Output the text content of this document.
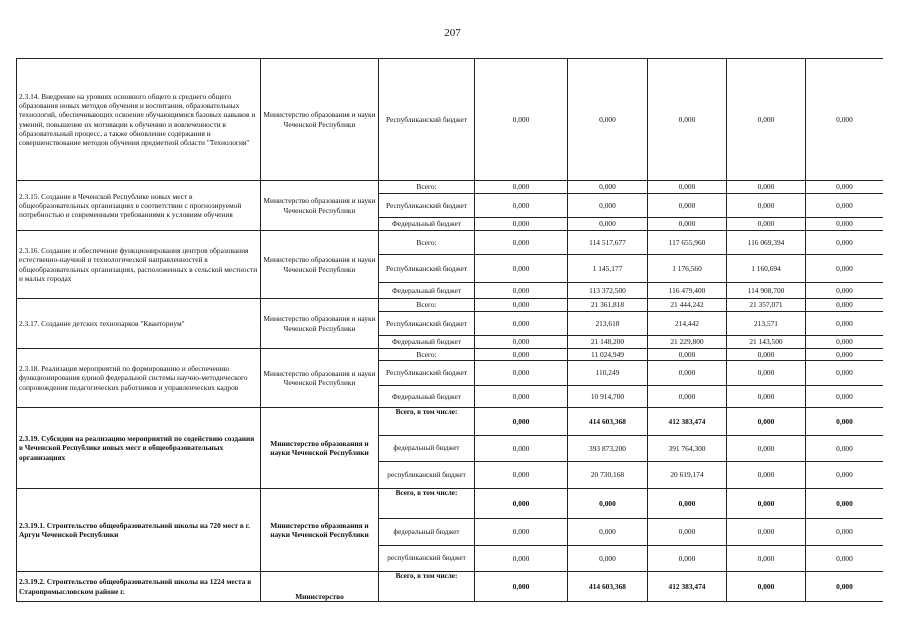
207
2.3.14. Внедрение на уровнях основного общего и среднего общего образования новых методов обучения и воспитания, образовательных технологий, обеспечивающих освоение обучающимися базовых навыков и умений, повышение их мотивации к обучению и вовлеченности в образовательный процесс, а также обновление содержания и совершенствование методов обучения предметной области "Технология"	Министерство образования и науки Чеченской Республики	Республиканский бюджет	0,000	0,000	0,000	0,000	0,000
2.3.15. Создание в Чеченской Республике новых мест в общеобразовательных организациях в соответствии с прогнозируемой потребностью и современными требованиями к условиям обучения	Министерство образования и науки Чеченской Республики	Всего:	0,000	0,000	0,000	0,000	0,000
		Республиканский бюджет	0,000	0,000	0,000	0,000	0,000
		Федеральный бюджет	0,000	0,000	0,000	0,000	0,000
2.3.16. Создание и обеспечение функционирования центров образования естественно-научной и технологической направленностей в общеобразовательных организациях, расположенных в сельской местности и малых городах	Министерство образования и науки Чеченской Республики	Всего:	0,000	114 517,677	117 655,960	116 069,394	0,000
		Республиканский бюджет	0,000	1 145,177	1 176,560	1 160,694	0,000
		Федеральный бюджет	0,000	113 372,500	116 479,400	114 908,700	0,000
2.3.17. Создание детских технопарков "Кванториум"	Министерство образования и науки Чеченской Республики	Всего:	0,000	21 361,818	21 444,242	21 357,071	0,000
		Республиканский бюджет	0,000	213,618	214,442	213,571	0,000
		Федеральный бюджет	0,000	21 148,200	21 229,800	21 143,500	0,000
2.3.18. Реализация мероприятий по формированию и обеспечению функционирования единой федеральной системы научно-методического сопровождения педагогических работников и управленческих кадров	Министерство образования и науки Чеченской Республики	Всего:	0,000	11 024,949	0,000	0,000	0,000
		Республиканский бюджет	0,000	110,249	0,000	0,000	0,000
		Федеральный бюджет	0,000	10 914,700	0,000	0,000	0,000
2.3.19. Субсидии на реализацию мероприятий по содействию создания в Чеченской Республике новых мест в общеобразовательных организациях	Министерство образования и науки Чеченской Республики	Всего, в том числе:	0,000	414 603,368	412 383,474	0,000	0,000
		федеральный бюджет	0,000	393 873,200	391 764,300	0,000	0,000
		республиканский бюджет	0,000	20 730,168	20 619,174	0,000	0,000
2.3.19.1. Строительство общеобразовательной школы на 720 мест в г. Аргун Чеченской Республики	Министерство образования и науки Чеченской Республики	Всего, в том числе:	0,000	0,000	0,000	0,000	0,000
		федеральный бюджет	0,000	0,000	0,000	0,000	0,000
		республиканский бюджет	0,000	0,000	0,000	0,000	0,000
2.3.19.2. Строительство общеобразовательной школы на 1224 места в Старопромысловском районе г.	Министерство	Всего, в том числе:	0,000	414 603,368	412 383,474	0,000	0,000
